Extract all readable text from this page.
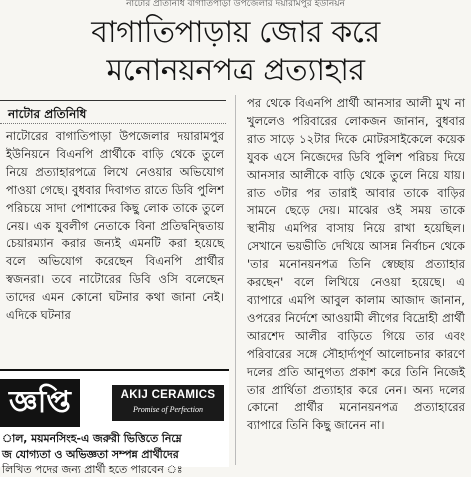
নাটোর প্রতিনিধি বাগাতিপাড়া উপজেলার দয়ারামপুর ইউনিয়ন
বাগাতিপাড়ায় জোর করে
মনোনয়নপত্র প্রত্যাহার
নাটোর প্রতিনিধি

নাটোরের বাগাতিপাড়া উপজেলার দয়ারামপুর ইউনিয়নে বিএনপি প্রার্থীকে বাড়ি থেকে তুলে নিয়ে প্রত্যাহারপত্রে লিখে নেওয়ার অভিযোগ পাওয়া গেছে। বুধবার দিবাগত রাতে ডিবি পুলিশ পরিচয়ে সাদা পোশাকের কিছু লোক তাকে তুলে নেয়। এক যুবলীগ নেতাকে বিনা প্রতিদ্বন্দ্বিতায় চেয়ারম্যান করার জন্যই এমনটি করা হয়েছে বলে অভিযোগ করেছেন বিএনপি প্রার্থীর স্বজনরা। তবে নাটোরের ডিবি ওসি বলেছেন তাদের এমন কোনো ঘটনার কথা জানা নেই। এদিকে ঘটনার

পর থেকে বিএনপি প্রার্থী আনসার আলী মুখ না খুললেও পরিবারের লোকজন জানান, বুধবার রাত সাড়ে ১২টার দিকে মোটরসাইকেলে কয়েক যুবক এসে নিজেদের ডিবি পুলিশ পরিচয় দিয়ে আনসার আলীকে বাড়ি থেকে তুলে নিয়ে যায়। রাত ৩টার পর তারাই আবার তাকে বাড়ির সামনে ছেড়ে দেয়। মাঝের ওই সময় তাকে স্থানীয় এমপির বাসায় নিয়ে রাখা হয়েছিল। সেখানে ভয়ভীতি দেখিয়ে আসন্ন নির্বাচন থেকে 'তার মনোনয়নপত্র তিনি স্বেচ্ছায় প্রত্যাহার করছেন' বলে লিখিয়ে নেওয়া হয়েছে। এ ব্যাপারে এমপি আবুল কালাম আজাদ জানান, ওপরের নির্দেশে আওয়ামী লীগের বিদ্রোহী প্রার্থী আরশেদ আলীর বাড়িতে গিয়ে তার এবং পরিবারের সঙ্গে সৌহার্দ্যপূর্ণ আলোচনার কারণে দলের প্রতি আনুগত্য প্রকাশ করে তিনি নিজেই তার প্রার্থিতা প্রত্যাহার করে নেন। অন্য দলের কোনো প্রার্থীর মনোনয়নপত্র প্রত্যাহারের ব্যাপারে তিনি কিছু জানেন না।

জ্ঞপ্তি	AKIJ CERAMICS
Promise of Perfection
াল, ময়মনসিংহ-এ জরুরী ভিত্তিতে নিম্নে
জ যোগ্যতা ও অভিজ্ঞতা সম্পন্ন প্রার্থীদের
লিখিত পদের জন্য প্রার্থী হতে পারবেন ঃ
